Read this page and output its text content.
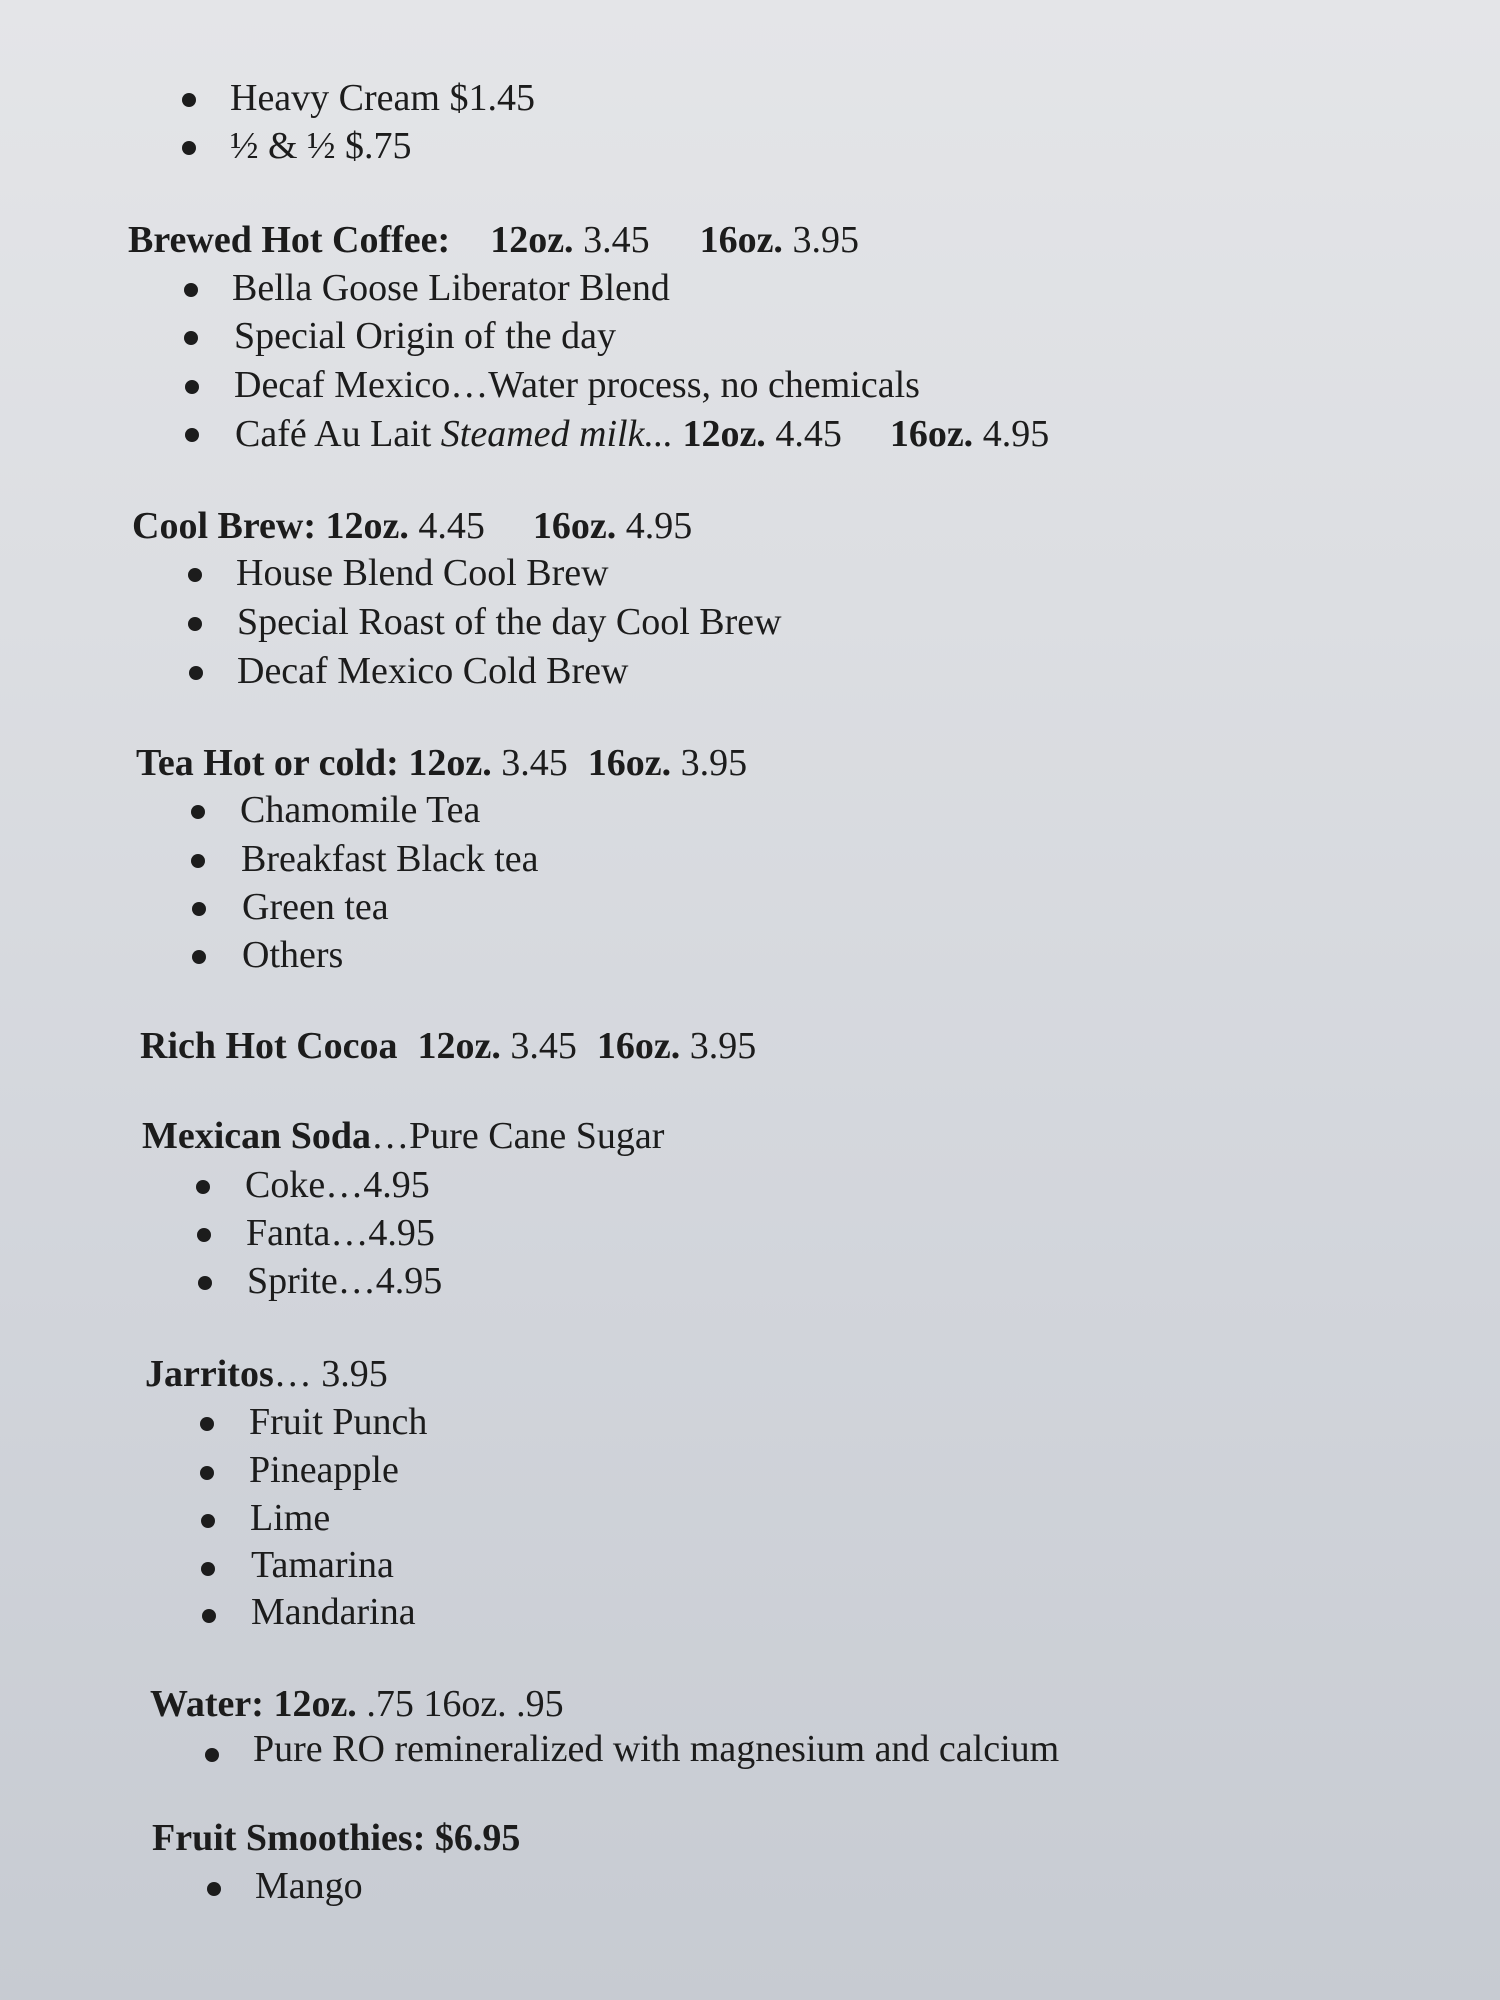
Heavy Cream $1.45
½ & ½ $.75
Brewed Hot Coffee: 12oz. 3.45 16oz. 3.95
Bella Goose Liberator Blend
Special Origin of the day
Decaf Mexico…Water process, no chemicals
Café Au Lait Steamed milk... 12oz. 4.45 16oz. 4.95
Cool Brew: 12oz. 4.45 16oz. 4.95
House Blend Cool Brew
Special Roast of the day Cool Brew
Decaf Mexico Cold Brew
Tea Hot or cold: 12oz. 3.45 16oz. 3.95
Chamomile Tea
Breakfast Black tea
Green tea
Others
Rich Hot Cocoa 12oz. 3.45 16oz. 3.95
Mexican Soda…Pure Cane Sugar
Coke…4.95
Fanta…4.95
Sprite…4.95
Jarritos… 3.95
Fruit Punch
Pineapple
Lime
Tamarina
Mandarina
Water: 12oz. .75 16oz. .95
Pure RO remineralized with magnesium and calcium
Fruit Smoothies: $6.95
Mango
